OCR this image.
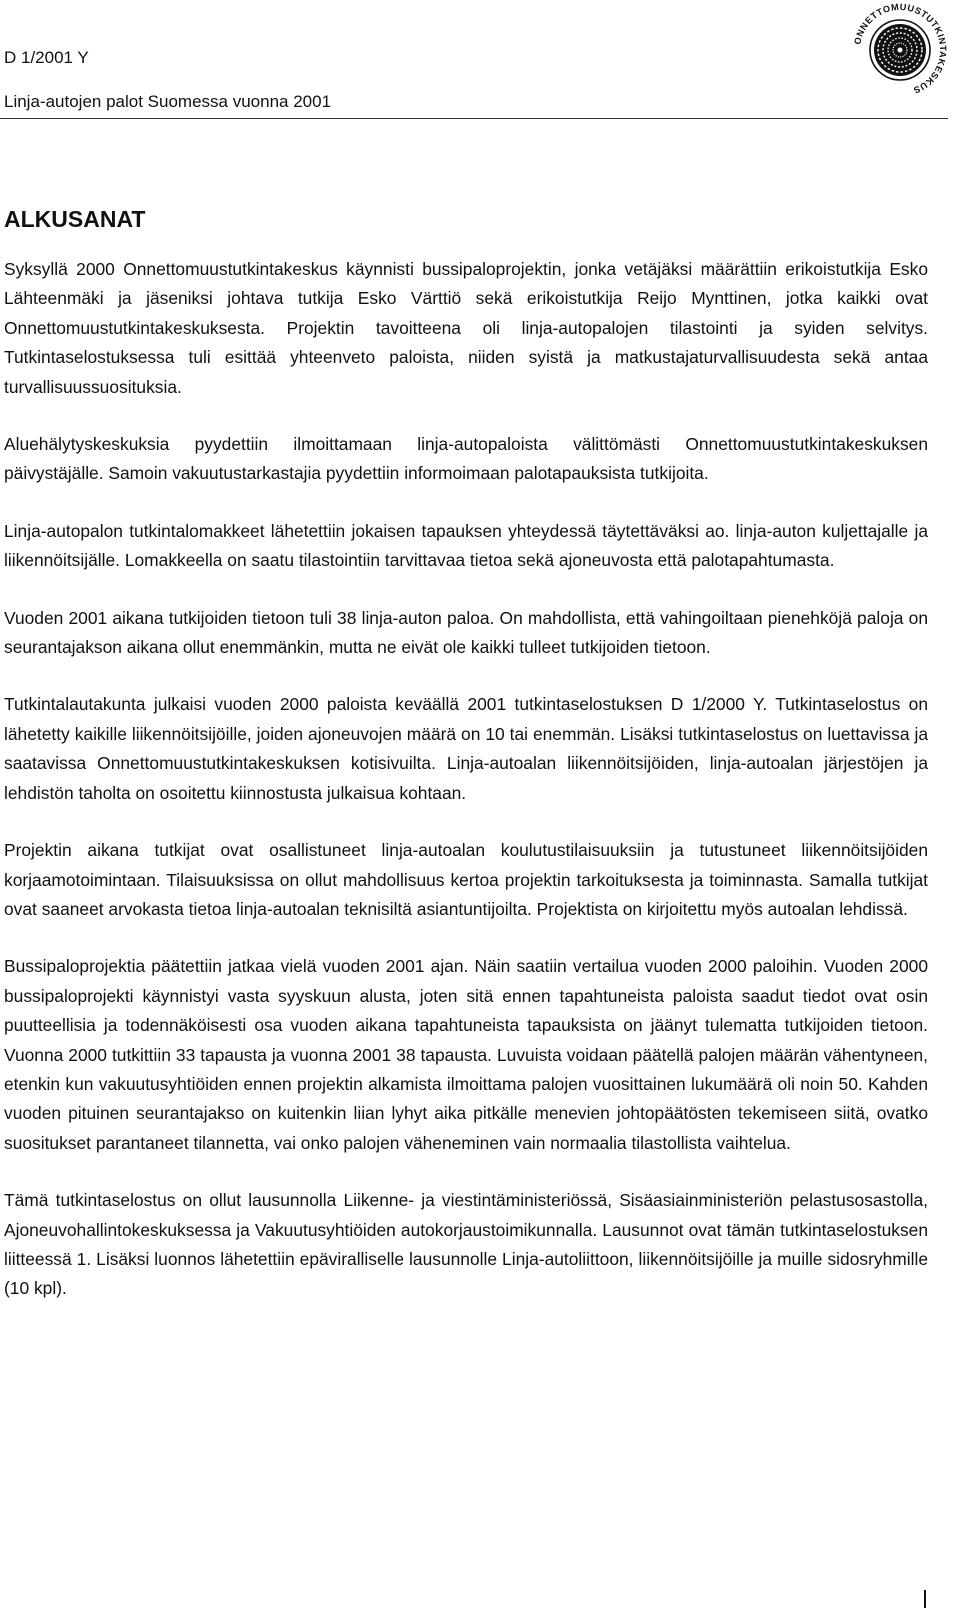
D 1/2001 Y
Linja-autojen palot Suomessa vuonna 2001
ONNETTOMUUSTUTKINTAKESKUS
ALKUSANAT

Syksyllä 2000 Onnettomuustutkintakeskus käynnisti bussipaloprojektin, jonka vetäjäksi määrättiin erikoistutkija Esko Lähteenmäki ja jäseniksi johtava tutkija Esko Värttiö sekä erikoistutkija Reijo Mynttinen, jotka kaikki ovat Onnettomuustutkintakeskuksesta. Projektin tavoitteena oli linja-autopalojen tilastointi ja syiden selvitys. Tutkintaselostuksessa tuli esittää yhteenveto paloista, niiden syistä ja matkustajaturvallisuudesta sekä antaa turvallisuussuosituksia.

Aluehälytyskeskuksia pyydettiin ilmoittamaan linja-autopaloista välittömästi Onnettomuustutkintakeskuksen päivystäjälle. Samoin vakuutustarkastajia pyydettiin informoimaan palotapauksista tutkijoita.

Linja-autopalon tutkintalomakkeet lähetettiin jokaisen tapauksen yhteydessä täytettäväksi ao. linja-auton kuljettajalle ja liikennöitsijälle. Lomakkeella on saatu tilastointiin tarvittavaa tietoa sekä ajoneuvosta että palotapahtumasta.

Vuoden 2001 aikana tutkijoiden tietoon tuli 38 linja-auton paloa. On mahdollista, että vahingoiltaan pienehköjä paloja on seurantajakson aikana ollut enemmänkin, mutta ne eivät ole kaikki tulleet tutkijoiden tietoon.

Tutkintalautakunta julkaisi vuoden 2000 paloista keväällä 2001 tutkintaselostuksen D 1/2000 Y. Tutkintaselostus on lähetetty kaikille liikennöitsijöille, joiden ajoneuvojen määrä on 10 tai enemmän. Lisäksi tutkintaselostus on luettavissa ja saatavissa Onnettomuustutkintakeskuksen kotisivuilta. Linja-autoalan liikennöitsijöiden, linja-autoalan järjestöjen ja lehdistön taholta on osoitettu kiinnostusta julkaisua kohtaan.

Projektin aikana tutkijat ovat osallistuneet linja-autoalan koulutustilaisuuksiin ja tutustuneet liikennöitsijöiden korjaamotoimintaan. Tilaisuuksissa on ollut mahdollisuus kertoa projektin tarkoituksesta ja toiminnasta. Samalla tutkijat ovat saaneet arvokasta tietoa linja-autoalan teknisiltä asiantuntijoilta. Projektista on kirjoitettu myös autoalan lehdissä.

Bussipaloprojektia päätettiin jatkaa vielä vuoden 2001 ajan. Näin saatiin vertailua vuoden 2000 paloihin. Vuoden 2000 bussipaloprojekti käynnistyi vasta syyskuun alusta, joten sitä ennen tapahtuneista paloista saadut tiedot ovat osin puutteellisia ja todennäköisesti osa vuoden aikana tapahtuneista tapauksista on jäänyt tulematta tutkijoiden tietoon. Vuonna 2000 tutkittiin 33 tapausta ja vuonna 2001 38 tapausta. Luvuista voidaan päätellä palojen määrän vähentyneen, etenkin kun vakuutusyhtiöiden ennen projektin alkamista ilmoittama palojen vuosittainen lukumäärä oli noin 50. Kahden vuoden pituinen seurantajakso on kuitenkin liian lyhyt aika pitkälle menevien johtopäätösten tekemiseen siitä, ovatko suositukset parantaneet tilannetta, vai onko palojen väheneminen vain normaalia tilastollista vaihtelua.

Tämä tutkintaselostus on ollut lausunnolla Liikenne- ja viestintäministeriössä, Sisäasiainministeriön pelastusosastolla, Ajoneuvohallintokeskuksessa ja Vakuutusyhtiöiden autokorjaustoimikunnalla. Lausunnot ovat tämän tutkintaselostuksen liitteessä 1. Lisäksi luonnos lähetettiin epäviralliselle lausunnolle Linja-autoliittoon, liikennöitsijöille ja muille sidosryhmille (10 kpl).
